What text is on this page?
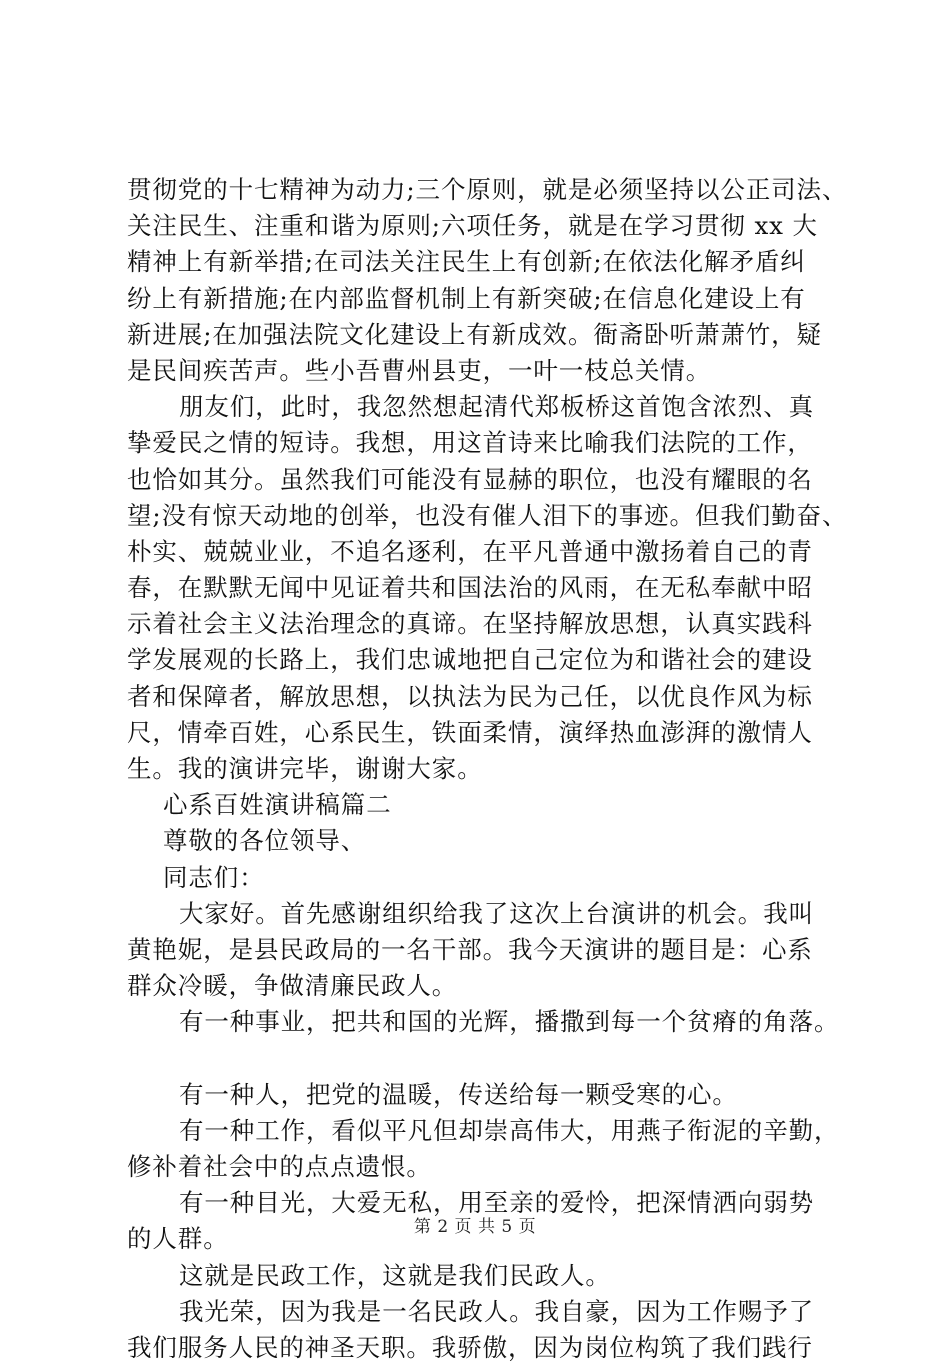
贯彻党的十七精神为动力;三个原则，就是必须坚持以公正司法、
关注民生、注重和谐为原则;六项任务，就是在学习贯彻 xx 大
精神上有新举措;在司法关注民生上有创新;在依法化解矛盾纠
纷上有新措施;在内部监督机制上有新突破;在信息化建设上有
新进展;在加强法院文化建设上有新成效。衙斋卧听萧萧竹，疑
是民间疾苦声。些小吾曹州县吏，一叶一枝总关情。
朋友们，此时，我忽然想起清代郑板桥这首饱含浓烈、真
挚爱民之情的短诗。我想，用这首诗来比喻我们法院的工作，
也恰如其分。虽然我们可能没有显赫的职位，也没有耀眼的名
望;没有惊天动地的创举，也没有催人泪下的事迹。但我们勤奋、
朴实、兢兢业业，不追名逐利，在平凡普通中激扬着自己的青
春，在默默无闻中见证着共和国法治的风雨，在无私奉献中昭
示着社会主义法治理念的真谛。在坚持解放思想，认真实践科
学发展观的长路上，我们忠诚地把自己定位为和谐社会的建设
者和保障者，解放思想，以执法为民为己任，以优良作风为标
尺，情牵百姓，心系民生，铁面柔情，演绎热血澎湃的激情人
生。我的演讲完毕，谢谢大家。
心系百姓演讲稿篇二
尊敬的各位领导、
同志们：
大家好。首先感谢组织给我了这次上台演讲的机会。我叫
黄艳妮，是县民政局的一名干部。我今天演讲的题目是：心系
群众冷暖，争做清廉民政人。
有一种事业，把共和国的光辉，播撒到每一个贫瘠的角落。
有一种人，把党的温暖，传送给每一颗受寒的心。
有一种工作，看似平凡但却崇高伟大，用燕子衔泥的辛勤，
修补着社会中的点点遗恨。
有一种目光，大爱无私，用至亲的爱怜，把深情洒向弱势
的人群。
这就是民政工作，这就是我们民政人。
我光荣，因为我是一名民政人。我自豪，因为工作赐予了
我们服务人民的神圣天职。我骄傲，因为岗位构筑了我们践行
第 2 页 共 5 页
